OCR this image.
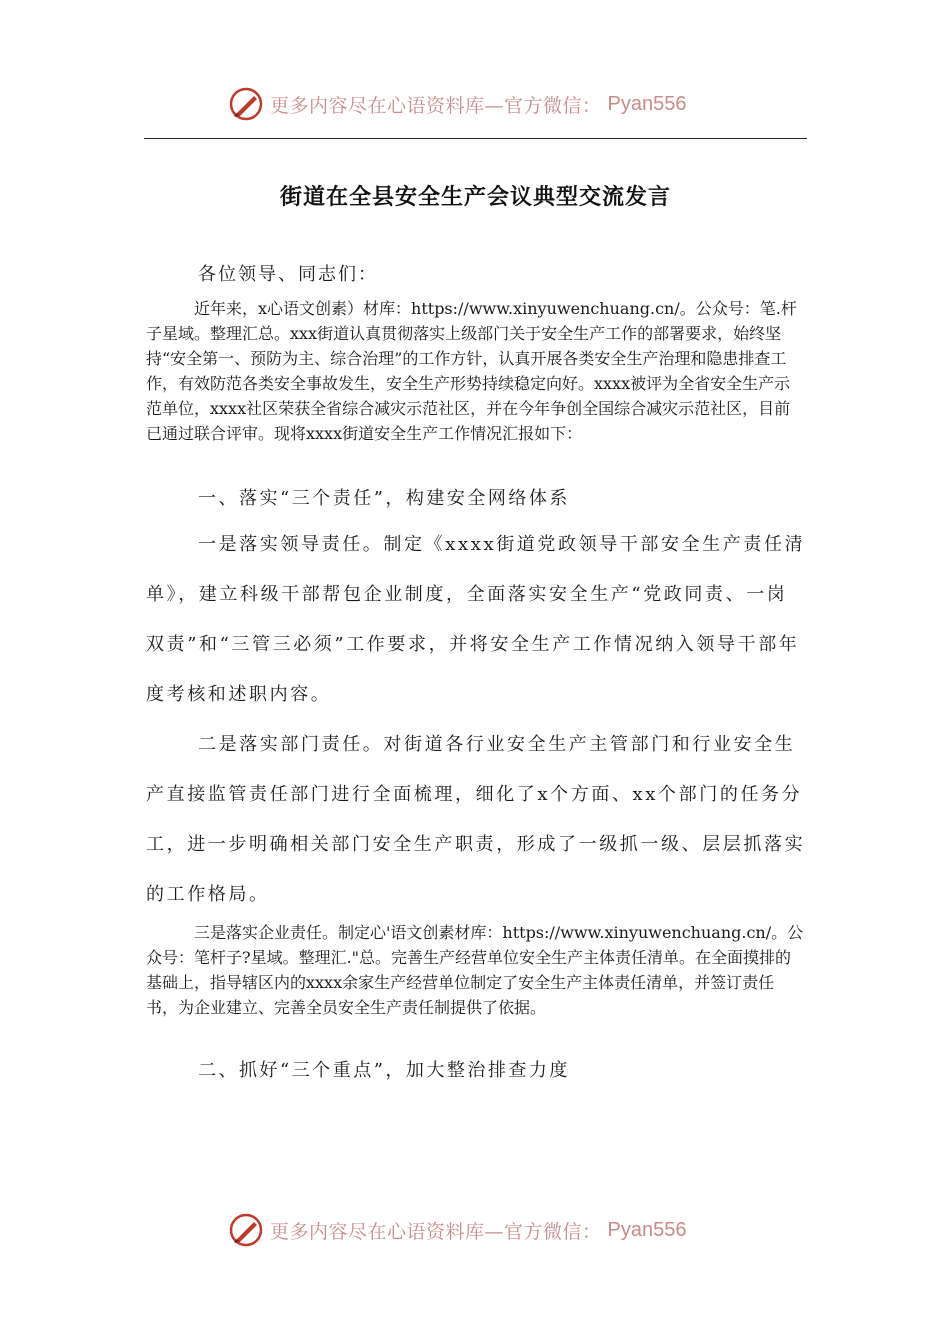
更多内容尽在心语资料库—官方微信： Pyan556
街道在全县安全生产会议典型交流发言

各位领导、同志们：

近年来，x心语文创素）材库：https://www.xinyuwenchuang.cn/。公众号：笔.杆子星域。整理汇总。xxx街道认真贯彻落实上级部门关于安全生产工作的部署要求，始终坚持“安全第一、预防为主、综合治理”的工作方针，认真开展各类安全生产治理和隐患排查工作，有效防范各类安全事故发生，安全生产形势持续稳定向好。xxxx被评为全省安全生产示范单位，xxxx社区荣获全省综合减灾示范社区，并在今年争创全国综合减灾示范社区，目前已通过联合评审。现将xxxx街道安全生产工作情况汇报如下：

一、落实“三个责任”，构建安全网络体系

一是落实领导责任。制定《xxxx街道党政领导干部安全生产责任清单》，建立科级干部帮包企业制度，全面落实安全生产“党政同责、一岗双责”和“三管三必须”工作要求，并将安全生产工作情况纳入领导干部年度考核和述职内容。

二是落实部门责任。对街道各行业安全生产主管部门和行业安全生产直接监管责任部门进行全面梳理，细化了x个方面、xx个部门的任务分工，进一步明确相关部门安全生产职责，形成了一级抓一级、层层抓落实的工作格局。

三是落实企业责任。制定心'语文创素材库：https://www.xinyuwenchuang.cn/。公众号：笔杆子?星域。整理汇."总。完善生产经营单位安全生产主体责任清单。在全面摸排的基础上，指导辖区内的xxxx余家生产经营单位制定了安全生产主体责任清单，并签订责任书，为企业建立、完善全员安全生产责任制提供了依据。

二、抓好“三个重点”，加大整治排查力度

更多内容尽在心语资料库—官方微信： Pyan556
